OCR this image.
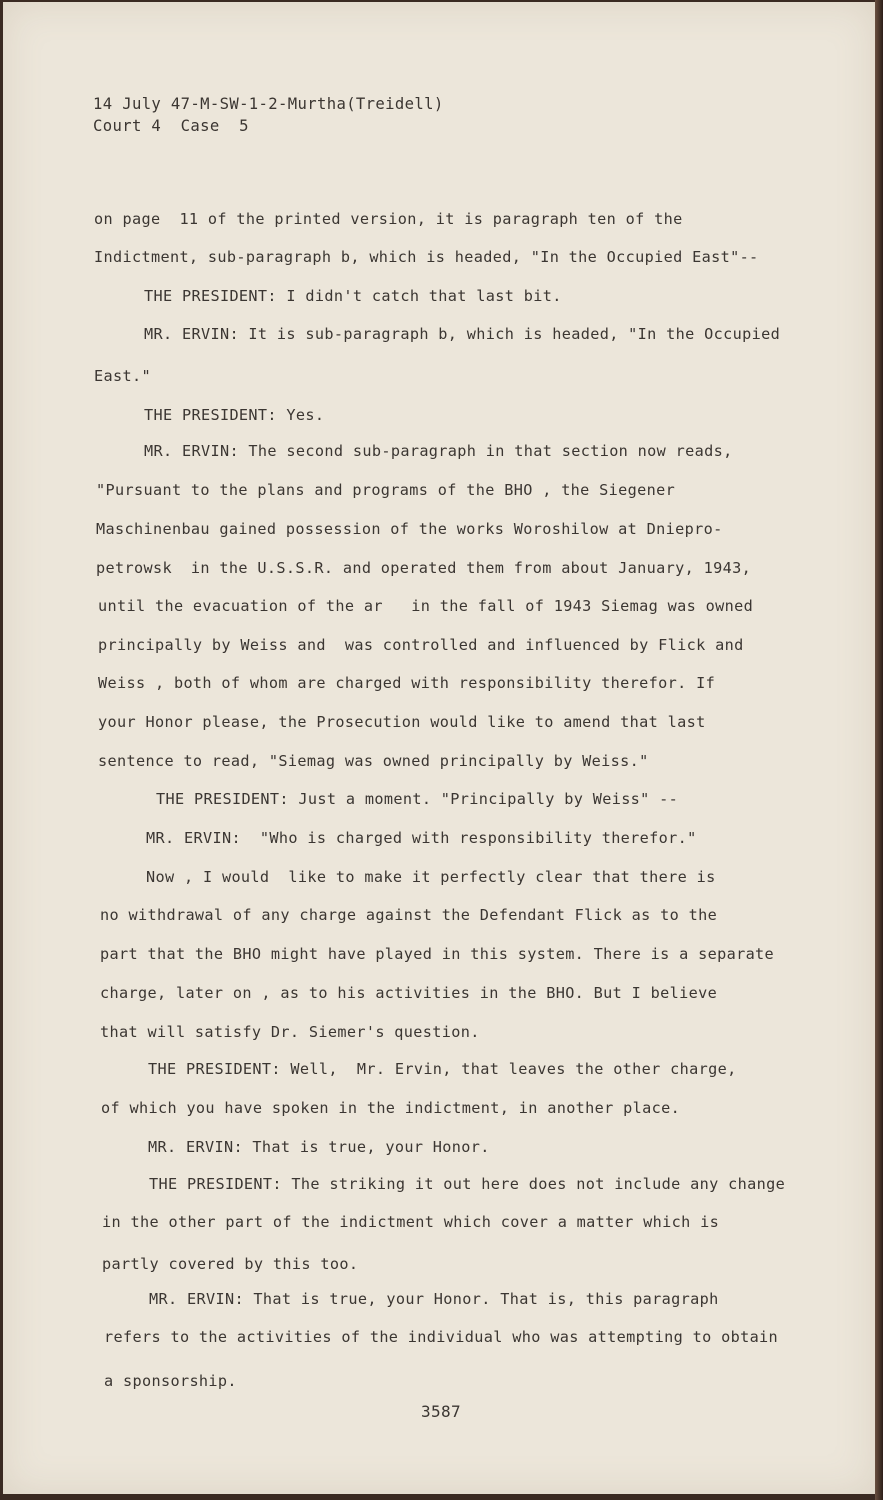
14 July 47-M-SW-1-2-Murtha(Treidell)
Court 4  Case  5
on page  11 of the printed version, it is paragraph ten of the
Indictment, sub-paragraph b, which is headed, "In the Occupied East"--
THE PRESIDENT: I didn't catch that last bit.
MR. ERVIN: It is sub-paragraph b, which is headed, "In the Occupied
East."
THE PRESIDENT: Yes.
MR. ERVIN: The second sub-paragraph in that section now reads,
"Pursuant to the plans and programs of the BHO , the Siegener
Maschinenbau gained possession of the works Woroshilow at Dniepro-
petrowsk  in the U.S.S.R. and operated them from about January, 1943,
until the evacuation of the ar   in the fall of 1943 Siemag was owned
principally by Weiss and  was controlled and influenced by Flick and
Weiss , both of whom are charged with responsibility therefor. If
your Honor please, the Prosecution would like to amend that last
sentence to read, "Siemag was owned principally by Weiss."
THE PRESIDENT: Just a moment. "Principally by Weiss" --
MR. ERVIN:  "Who is charged with responsibility therefor."
Now , I would  like to make it perfectly clear that there is
no withdrawal of any charge against the Defendant Flick as to the
part that the BHO might have played in this system. There is a separate
charge, later on , as to his activities in the BHO. But I believe
that will satisfy Dr. Siemer's question.
THE PRESIDENT: Well,  Mr. Ervin, that leaves the other charge,
of which you have spoken in the indictment, in another place.
MR. ERVIN: That is true, your Honor.
THE PRESIDENT: The striking it out here does not include any change
in the other part of the indictment which cover a matter which is
partly covered by this too.
MR. ERVIN: That is true, your Honor. That is, this paragraph
refers to the activities of the individual who was attempting to obtain
a sponsorship.
3587
